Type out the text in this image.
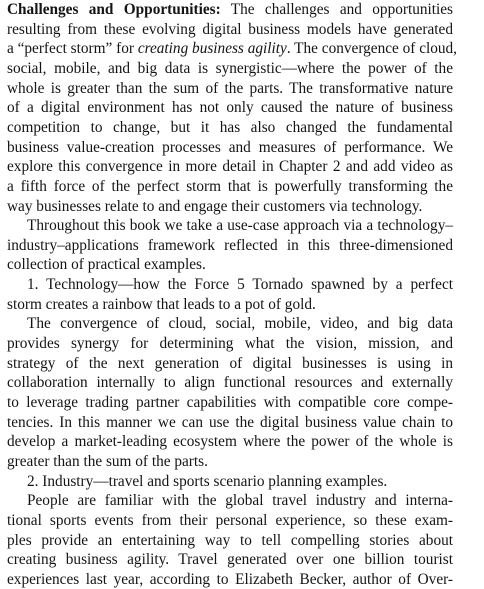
Challenges and Opportunities: The challenges and opportunities
resulting from these evolving digital business models have generated
a “perfect storm” for creating business agility. The convergence of cloud,
social, mobile, and big data is synergistic—where the power of the
whole is greater than the sum of the parts. The transformative nature
of a digital environment has not only caused the nature of business
competition to change, but it has also changed the fundamental
business value-creation processes and measures of performance. We
explore this convergence in more detail in Chapter 2 and add video as
a fifth force of the perfect storm that is powerfully transforming the
way businesses relate to and engage their customers via technology.
Throughout this book we take a use-case approach via a technology–
industry–applications framework reflected in this three-dimensioned
collection of practical examples.
1. Technology—how the Force 5 Tornado spawned by a perfect
storm creates a rainbow that leads to a pot of gold.
The convergence of cloud, social, mobile, video, and big data
provides synergy for determining what the vision, mission, and
strategy of the next generation of digital businesses is using in
collaboration internally to align functional resources and externally
to leverage trading partner capabilities with compatible core compe-
tencies. In this manner we can use the digital business value chain to
develop a market-leading ecosystem where the power of the whole is
greater than the sum of the parts.
2. Industry—travel and sports scenario planning examples.
People are familiar with the global travel industry and interna-
tional sports events from their personal experience, so these exam-
ples provide an entertaining way to tell compelling stories about
creating business agility. Travel generated over one billion tourist
experiences last year, according to Elizabeth Becker, author of Over-
